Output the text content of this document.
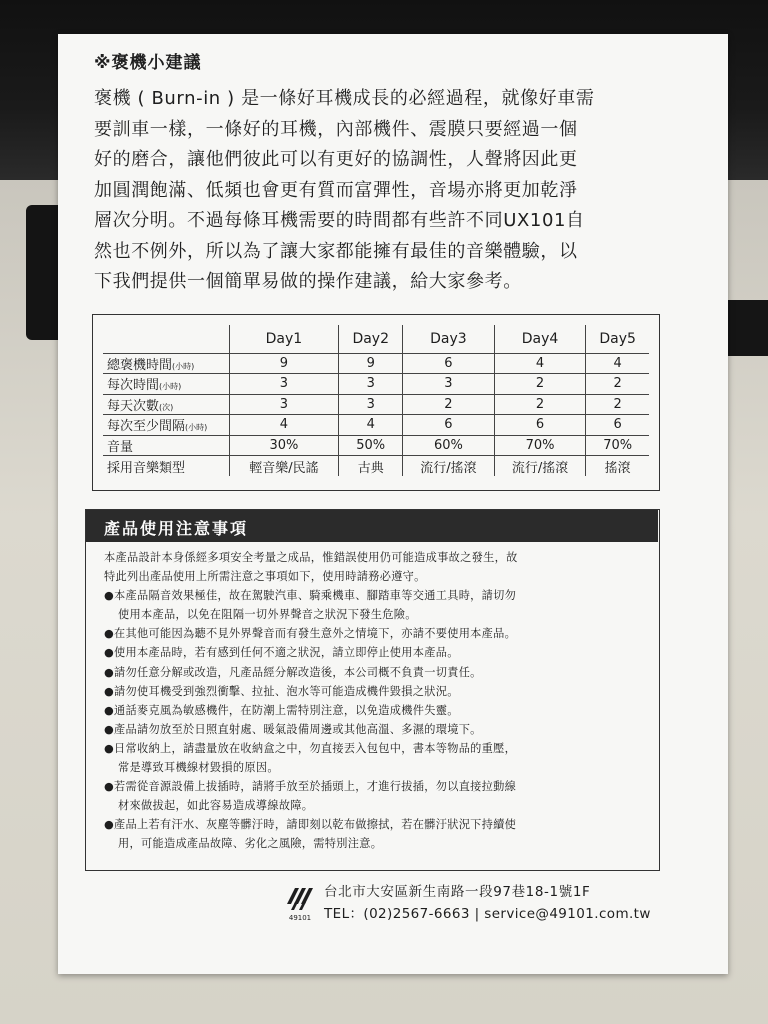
※褒機小建議
褒機 ( Burn-in ) 是一條好耳機成長的必經過程，就像好車需
要訓車一樣，一條好的耳機，內部機件、震膜只要經過一個
好的磨合，讓他們彼此可以有更好的協調性，人聲將因此更
加圓潤飽滿、低頻也會更有質而富彈性，音場亦將更加乾淨
層次分明。不過每條耳機需要的時間都有些許不同UX101自
然也不例外，所以為了讓大家都能擁有最佳的音樂體驗，以
下我們提供一個簡單易做的操作建議，給大家參考。
	Day1	Day2	Day3	Day4	Day5
總褒機時間(小時)	9	9	6	4	4
每次時間(小時)	3	3	3	2	2
每天次數(次)	3	3	2	2	2
每次至少間隔(小時)	4	4	6	6	6
音量	30%	50%	60%	70%	70%
採用音樂類型	輕音樂/民謠	古典	流行/搖滾	流行/搖滾	搖滾
產品使用注意事項
本產品設計本身係經多項安全考量之成品，惟錯誤使用仍可能造成事故之發生，故
特此列出產品使用上所需注意之事項如下，使用時請務必遵守。
●本產品隔音效果極佳，故在駕駛汽車、騎乘機車、腳踏車等交通工具時，請切勿
使用本產品，以免在阻隔一切外界聲音之狀況下發生危險。
●在其他可能因為聽不見外界聲音而有發生意外之情境下，亦請不要使用本產品。
●使用本產品時，若有感到任何不適之狀況，請立即停止使用本產品。
●請勿任意分解或改造，凡產品經分解改造後，本公司概不負責一切責任。
●請勿使耳機受到強烈衝擊、拉扯、泡水等可能造成機件毀損之狀況。
●通話麥克風為敏感機件，在防潮上需特別注意，以免造成機件失靈。
●產品請勿放至於日照直射處、暖氣設備周邊或其他高溫、多濕的環境下。
●日常收納上，請盡量放在收納盒之中，勿直接丟入包包中，書本等物品的重壓，
常是導致耳機線材毀損的原因。
●若需從音源設備上拔插時，請將手放至於插頭上，才進行拔插，勿以直接拉動線
材來做拔起，如此容易造成導線故障。
●產品上若有汗水、灰塵等髒汙時，請即刻以乾布做擦拭，若在髒汙狀況下持續使
用，可能造成產品故障、劣化之風險，需特別注意。
49101
台北市大安區新生南路一段97巷18-1號1F
TEL：(02)2567-6663 | service@49101.com.tw
